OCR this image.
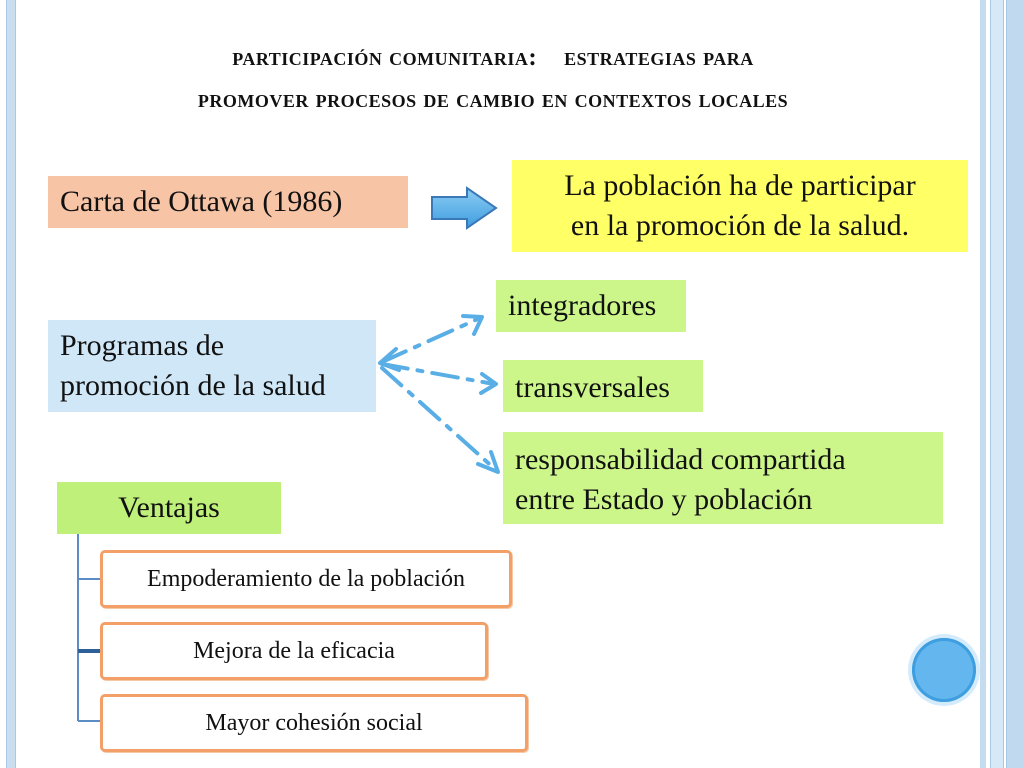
participación comunitaria:    estrategias para
promover procesos de cambio en contextos locales
Carta de Ottawa (1986)	La población ha de participar
en la promoción de la salud.
Programas de
promoción de la salud
integradores
transversales
responsabilidad compartida
entre Estado y población
Ventajas
Empoderamiento de la población
Mejora de la eficacia
Mayor cohesión social
